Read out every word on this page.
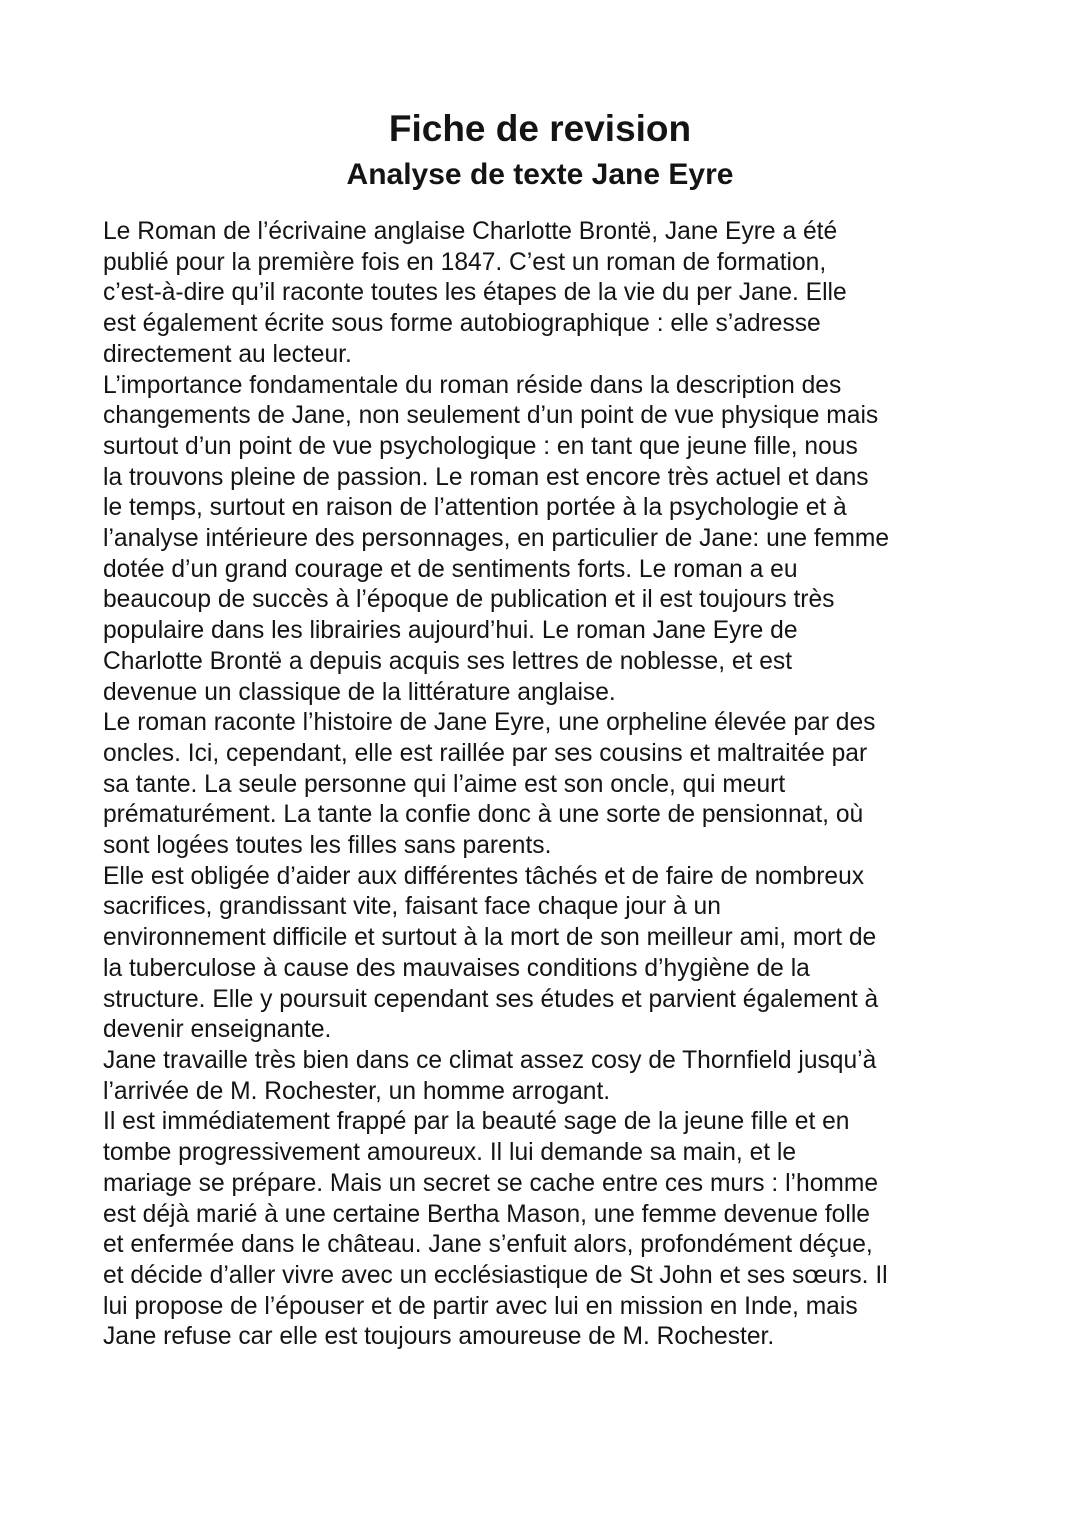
Fiche de revision
Analyse de texte Jane Eyre
Le Roman de l’écrivaine anglaise Charlotte Brontë, Jane Eyre a été
publié pour la première fois en 1847. C’est un roman de formation,
c’est-à-dire qu’il raconte toutes les étapes de la vie du per Jane. Elle
est également écrite sous forme autobiographique : elle s’adresse
directement au lecteur.
L’importance fondamentale du roman réside dans la description des
changements de Jane, non seulement d’un point de vue physique mais
surtout d’un point de vue psychologique : en tant que jeune fille, nous
la trouvons pleine de passion. Le roman est encore très actuel et dans
le temps, surtout en raison de l’attention portée à la psychologie et à
l’analyse intérieure des personnages, en particulier de Jane: une femme
dotée d’un grand courage et de sentiments forts. Le roman a eu
beaucoup de succès à l’époque de publication et il est toujours très
populaire dans les librairies aujourd’hui. Le roman Jane Eyre de
Charlotte Brontë a depuis acquis ses lettres de noblesse, et est
devenue un classique de la littérature anglaise.
Le roman raconte l’histoire de Jane Eyre, une orpheline élevée par des
oncles. Ici, cependant, elle est raillée par ses cousins et maltraitée par
sa tante. La seule personne qui l’aime est son oncle, qui meurt
prématurément. La tante la confie donc à une sorte de pensionnat, où
sont logées toutes les filles sans parents.
Elle est obligée d’aider aux différentes tâchés et de faire de nombreux
sacrifices, grandissant vite, faisant face chaque jour à un
environnement difficile et surtout à la mort de son meilleur ami, mort de
la tuberculose à cause des mauvaises conditions d’hygiène de la
structure. Elle y poursuit cependant ses études et parvient également à
devenir enseignante.
Jane travaille très bien dans ce climat assez cosy de Thornfield jusqu’à
l’arrivée de M. Rochester, un homme arrogant.
Il est immédiatement frappé par la beauté sage de la jeune fille et en
tombe progressivement amoureux. Il lui demande sa main, et le
mariage se prépare. Mais un secret se cache entre ces murs : l’homme
est déjà marié à une certaine Bertha Mason, une femme devenue folle
et enfermée dans le château. Jane s’enfuit alors, profondément déçue,
et décide d’aller vivre avec un ecclésiastique de St John et ses sœurs. Il
lui propose de l’épouser et de partir avec lui en mission en Inde, mais
Jane refuse car elle est toujours amoureuse de M. Rochester.
